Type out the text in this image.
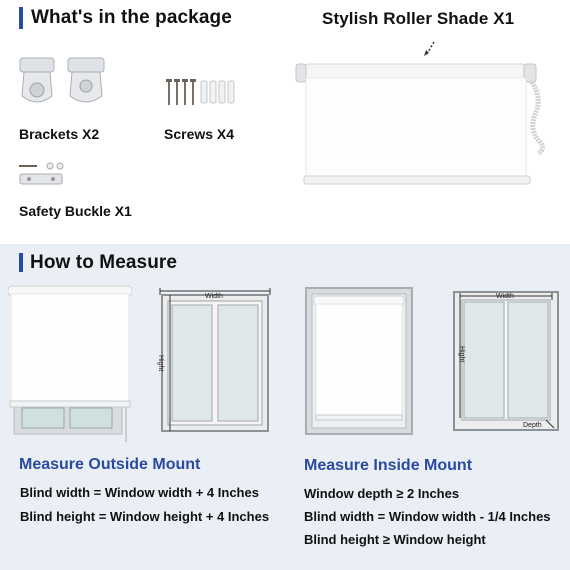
What's in the package	Stylish Roller Shade X1
Brackets X2	Screws X4
Safety Buckle X1
How to Measure
Width
Hight
Width
Hight
Depth
Measure Outside Mount
Blind width = Window width + 4 Inches
Blind height = Window height + 4 Inches
Measure Inside Mount
Window depth ≥ 2 Inches
Blind width = Window width - 1/4 Inches
Blind height ≥ Window height
